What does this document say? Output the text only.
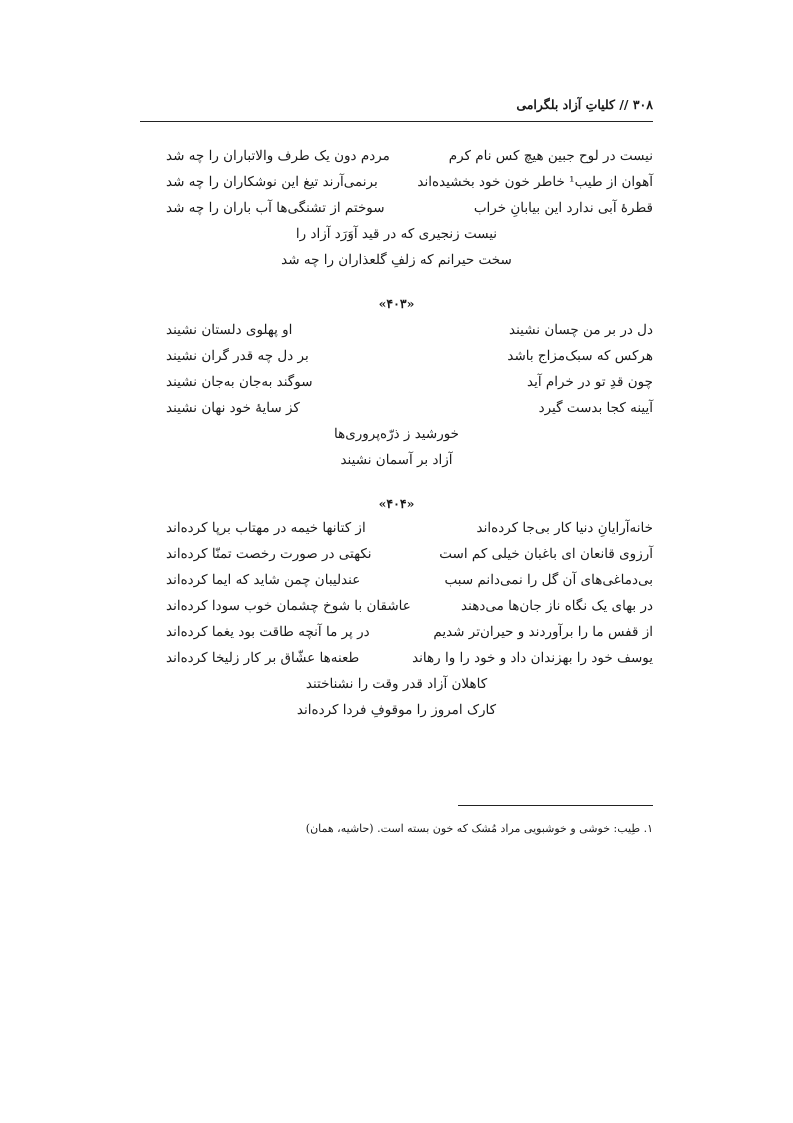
۳۰۸ // کلیاتِ آزاد بلگرامی
نیست در لوح جبین هیچ کس نام کرم
مردم دون یک طرف والاتباران را چه شد
آهوان از طیب¹ خاطر خون خود بخشیده‌اند
برنمی‌آرند تیغ این نوشکاران را چه شد
قطرهٔ آبی ندارد این بیابانِ خراب
سوختم از تشنگی‌ها آب باران را چه شد
نیست زنجیری که در قید آوَرَد آزاد را
سخت حیرانم که زلفِ گلعذاران را چه شد
«۴۰۳»
دل در بر من چسان نشیند
او پهلوی دلستان نشیند
هرکس که سبک‌مزاج باشد
بر دل چه قدر گران نشیند
چون قدِ تو در خرام آید
سوگند به‌جان به‌جان نشیند
آیینه کجا بدست گیرد
کز سایهٔ خود نهان نشیند
خورشید ز ذرّه‌پروری‌ها
آزاد بر آسمان نشیند
«۴۰۴»
خانه‌آرایانِ دنیا کار بی‌جا کرده‌اند
از کتانها خیمه در مهتاب برپا کرده‌اند
آرزوی قانعان ای باغبان خیلی کم است
نکهتی در صورت رخصت تمنّا کرده‌اند
بی‌دماغی‌های آن گل را نمی‌دانم سبب
عندلیبان چمن شاید که ایما کرده‌اند
در بهای یک نگاه ناز جان‌ها می‌دهند
عاشقان با شوخ چشمان خوب سودا کرده‌اند
از قفس ما را برآوردند و حیران‌تر شدیم
در پر ما آنچه طاقت بود یغما کرده‌اند
یوسف خود را بهزندان داد و خود را وا رهاند
طعنه‌ها عشّاق بر کار زلیخا کرده‌اند
کاهلان آزاد قدر وقت را نشناختند
کارک امروز را موقوفِ فردا کرده‌اند
۱. طِیب: خوشی و خوشبویی مراد مُشک که خون بسته است. (حاشیه، همان)
